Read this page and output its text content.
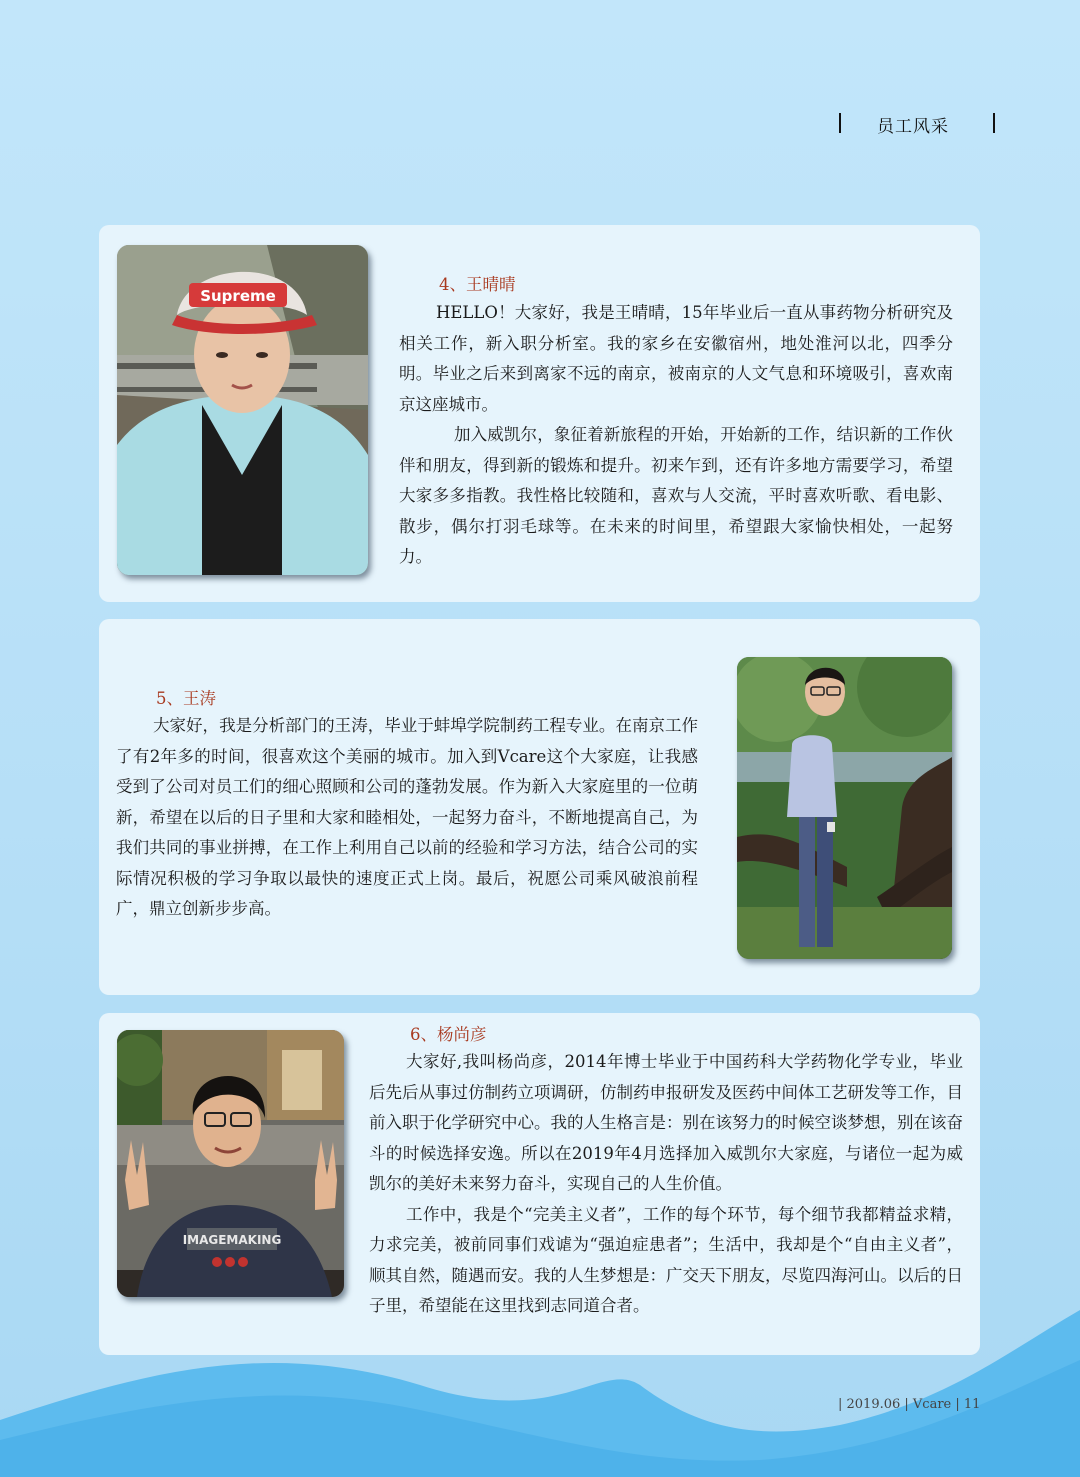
员工风采
Supreme
4、王晴晴

HELLO！大家好，我是王晴晴，15年毕业后一直从事药物分析研究及相关工作，新入职分析室。我的家乡在安徽宿州，地处淮河以北，四季分明。毕业之后来到离家不远的南京，被南京的人文气息和环境吸引，喜欢南京这座城市。

加入威凯尔，象征着新旅程的开始，开始新的工作，结识新的工作伙伴和朋友，得到新的锻炼和提升。初来乍到，还有许多地方需要学习，希望大家多多指教。我性格比较随和，喜欢与人交流，平时喜欢听歌、看电影、散步，偶尔打羽毛球等。在未来的时间里，希望跟大家愉快相处，一起努力。

5、王涛

大家好，我是分析部门的王涛，毕业于蚌埠学院制药工程专业。在南京工作了有2年多的时间，很喜欢这个美丽的城市。加入到Vcare这个大家庭，让我感受到了公司对员工们的细心照顾和公司的蓬勃发展。作为新入大家庭里的一位萌新，希望在以后的日子里和大家和睦相处，一起努力奋斗，不断地提高自己，为我们共同的事业拼搏，在工作上利用自己以前的经验和学习方法，结合公司的实际情况积极的学习争取以最快的速度正式上岗。最后，祝愿公司乘风破浪前程广，鼎立创新步步高。

IMAGEMAKING
6、杨尚彦

大家好,我叫杨尚彦，2014年博士毕业于中国药科大学药物化学专业，毕业后先后从事过仿制药立项调研，仿制药申报研发及医药中间体工艺研发等工作，目前入职于化学研究中心。我的人生格言是：别在该努力的时候空谈梦想，别在该奋斗的时候选择安逸。所以在2019年4月选择加入威凯尔大家庭，与诸位一起为威凯尔的美好未来努力奋斗，实现自己的人生价值。

工作中，我是个“完美主义者”，工作的每个环节，每个细节我都精益求精，力求完美，被前同事们戏谑为“强迫症患者”；生活中，我却是个“自由主义者”，顺其自然，随遇而安。我的人生梦想是：广交天下朋友，尽览四海河山。以后的日子里，希望能在这里找到志同道合者。

| 2019.06 | Vcare | 11
